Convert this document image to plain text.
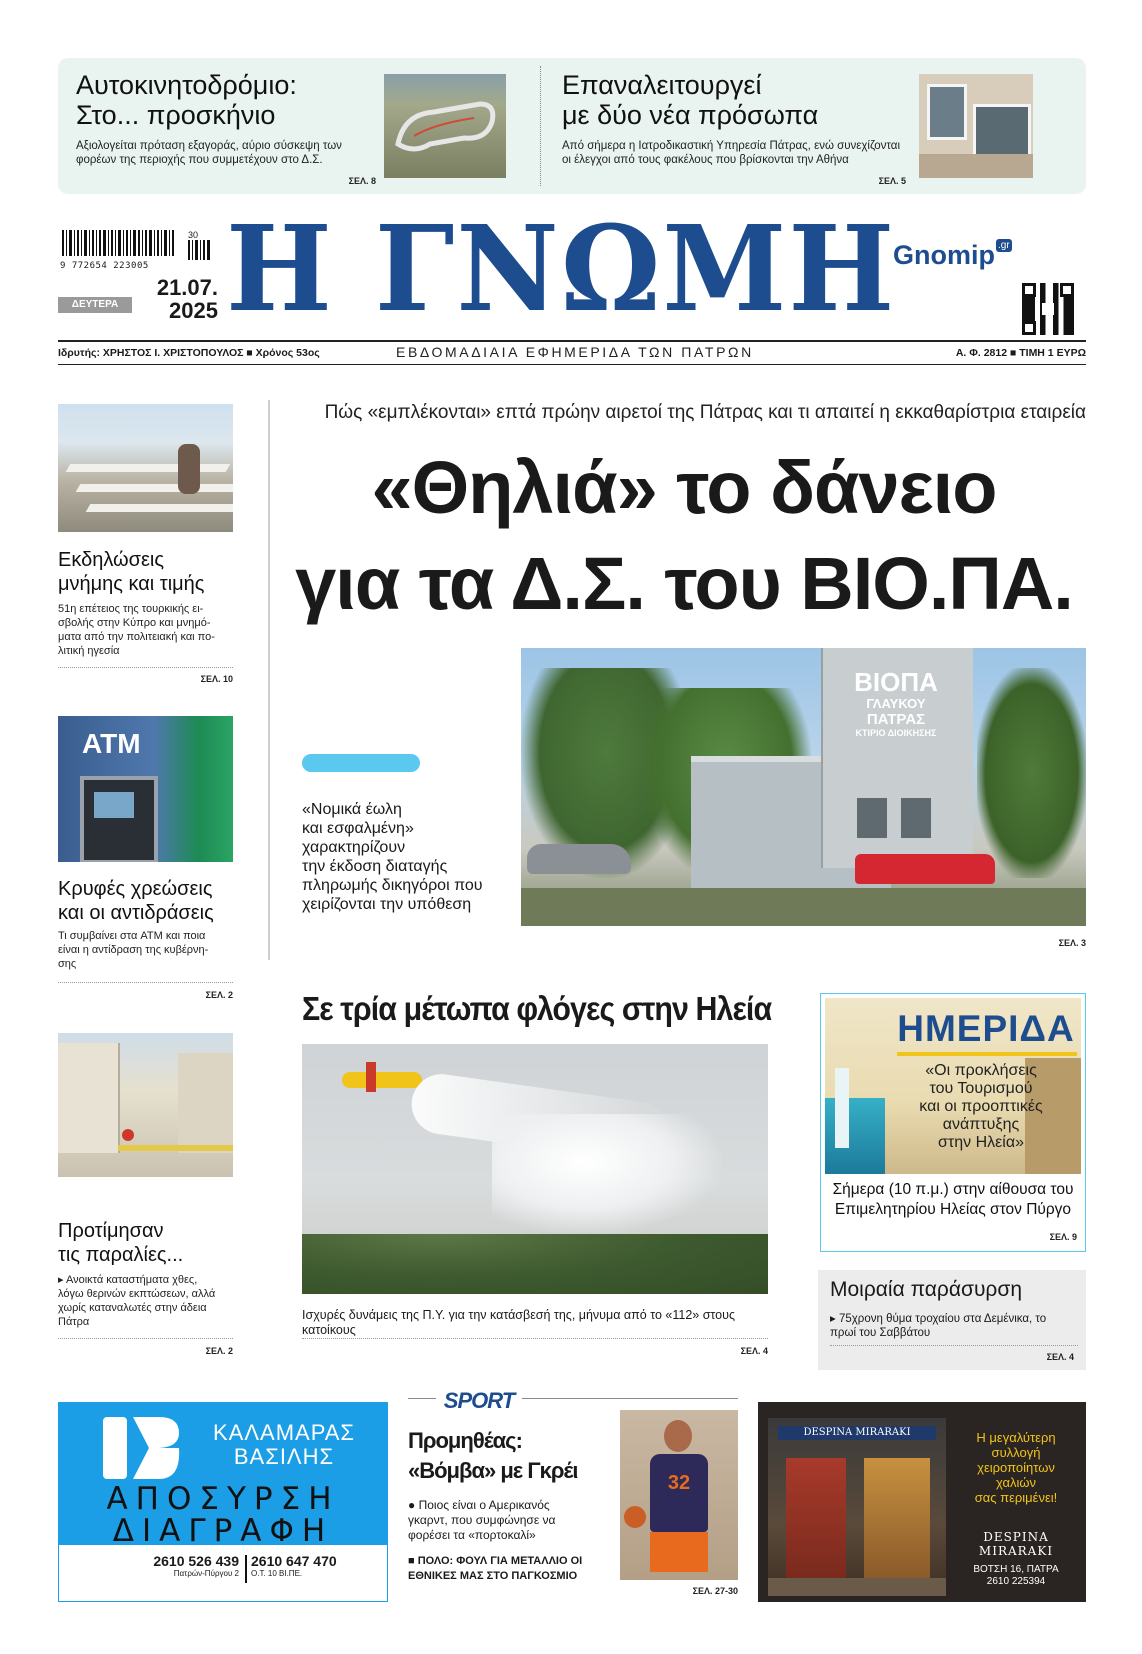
Αυτοκινητοδρόμιο:
Στο... προσκήνιο
Αξιολογείται πρόταση εξαγοράς, αύριο σύσκεψη των
φορέων της περιοχής που συμμετέχουν στο Δ.Σ.
ΣΕΛ. 8
Επαναλειτουργεί
με δύο νέα πρόσωπα
Από σήμερα η Ιατροδικαστική Υπηρεσία Πάτρας, ενώ συνεχίζονται
οι έλεγχοι από τους φακέλους που βρίσκονται την Αθήνα
ΣΕΛ. 5
9 772654 223005
30
ΔΕΥΤΕΡΑ
21.07.
2025 Η ΓΝΩΜΗ
Gnomip $^{.gr}$
Ιδρυτής: ΧΡΗΣΤΟΣ Ι. ΧΡΙΣΤΟΠΟΥΛΟΣ ■ Χρόνος 53ος	ΕΒΔΟΜΑΔΙΑΙΑ ΕΦΗΜΕΡΙΔΑ ΤΩΝ ΠΑΤΡΩΝ	Α. Φ. 2812 ■ ΤΙΜΗ 1 ΕΥΡΩ
Εκδηλώσεις
μνήμης και τιμής
51η επέτειος της τουρκικής ει-
σβολής στην Κύπρο και μνημό-
ματα από την πολιτειακή και πο-
λιτική ηγεσία
ΣΕΛ. 10
ATM
Κρυφές χρεώσεις
και οι αντιδράσεις
Τι συμβαίνει στα ATM και ποια
είναι η αντίδραση της κυβέρνη-
σης
ΣΕΛ. 2
Προτίμησαν
τις παραλίες...
▸ Ανοικτά καταστήματα χθες,
λόγω θερινών εκπτώσεων, αλλά
χωρίς καταναλωτές στην άδεια
Πάτρα
ΣΕΛ. 2
Πώς «εμπλέκονται» επτά πρώην αιρετοί της Πάτρας και τι απαιτεί η εκκαθαρίστρια εταιρεία
«Θηλιά» το δάνειο
για τα Δ.Σ. του ΒΙΟ.ΠΑ.
«Νομικά έωλη
και εσφαλμένη»
χαρακτηρίζουν
την έκδοση διαταγής
πληρωμής δικηγόροι που
χειρίζονται την υπόθεση
ΒΙΟΠΑ
ΓΛΑΥΚΟΥ
ΠΑΤΡΑΣ
ΚΤΙΡΙΟ ΔΙΟΙΚΗΣΗΣ
ΣΕΛ. 3
Σε τρία μέτωπα φλόγες στην Ηλεία
Ισχυρές δυνάμεις της Π.Υ. για την κατάσβεσή της, μήνυμα από το «112» στους
κατοίκους
ΣΕΛ. 4
ΗΜΕΡΙΔΑ
«Οι προκλήσεις
του Τουρισμού
και οι προοπτικές
ανάπτυξης
στην Ηλεία»
Σήμερα (10 π.μ.) στην αίθουσα του
Επιμελητηρίου Ηλείας στον Πύργο
ΣΕΛ. 9
Μοιραία παράσυρση
▸ 75χρονη θύμα τροχαίου στα Δεμένικα, το
πρωί του Σαββάτου
ΣΕΛ. 4
ΚΑΛΑΜΑΡΑΣ
ΒΑΣΙΛΗΣ
ΑΠΟΣΥΡΣΗ
ΔΙΑΓΡΑΦΗ
2610 526 439
Πατρών-Πύργου 2
2610 647 470
Ο.Τ. 10 ΒΙ.ΠΕ.
SPORT
Προμηθέας:
«Βόμβα» με Γκρέι
● Ποιος είναι ο Αμερικανός
γκαρντ, που συμφώνησε να
φορέσει τα «πορτοκαλί»
■ ΠΟΛΟ: ΦΟΥΛ ΓΙΑ ΜΕΤΑΛΛΙΟ ΟΙ
ΕΘΝΙΚΕΣ ΜΑΣ ΣΤΟ ΠΑΓΚΟΣΜΙΟ
32
ΣΕΛ. 27-30
DESPINA MIRARAKI	Η μεγαλύτερη
συλλογή
χειροποίητων
χαλιών
σας περιμένει!
DESPINA
MIRARAKI
ΒΟΤΣΗ 16, ΠΑΤΡΑ
2610 225394
